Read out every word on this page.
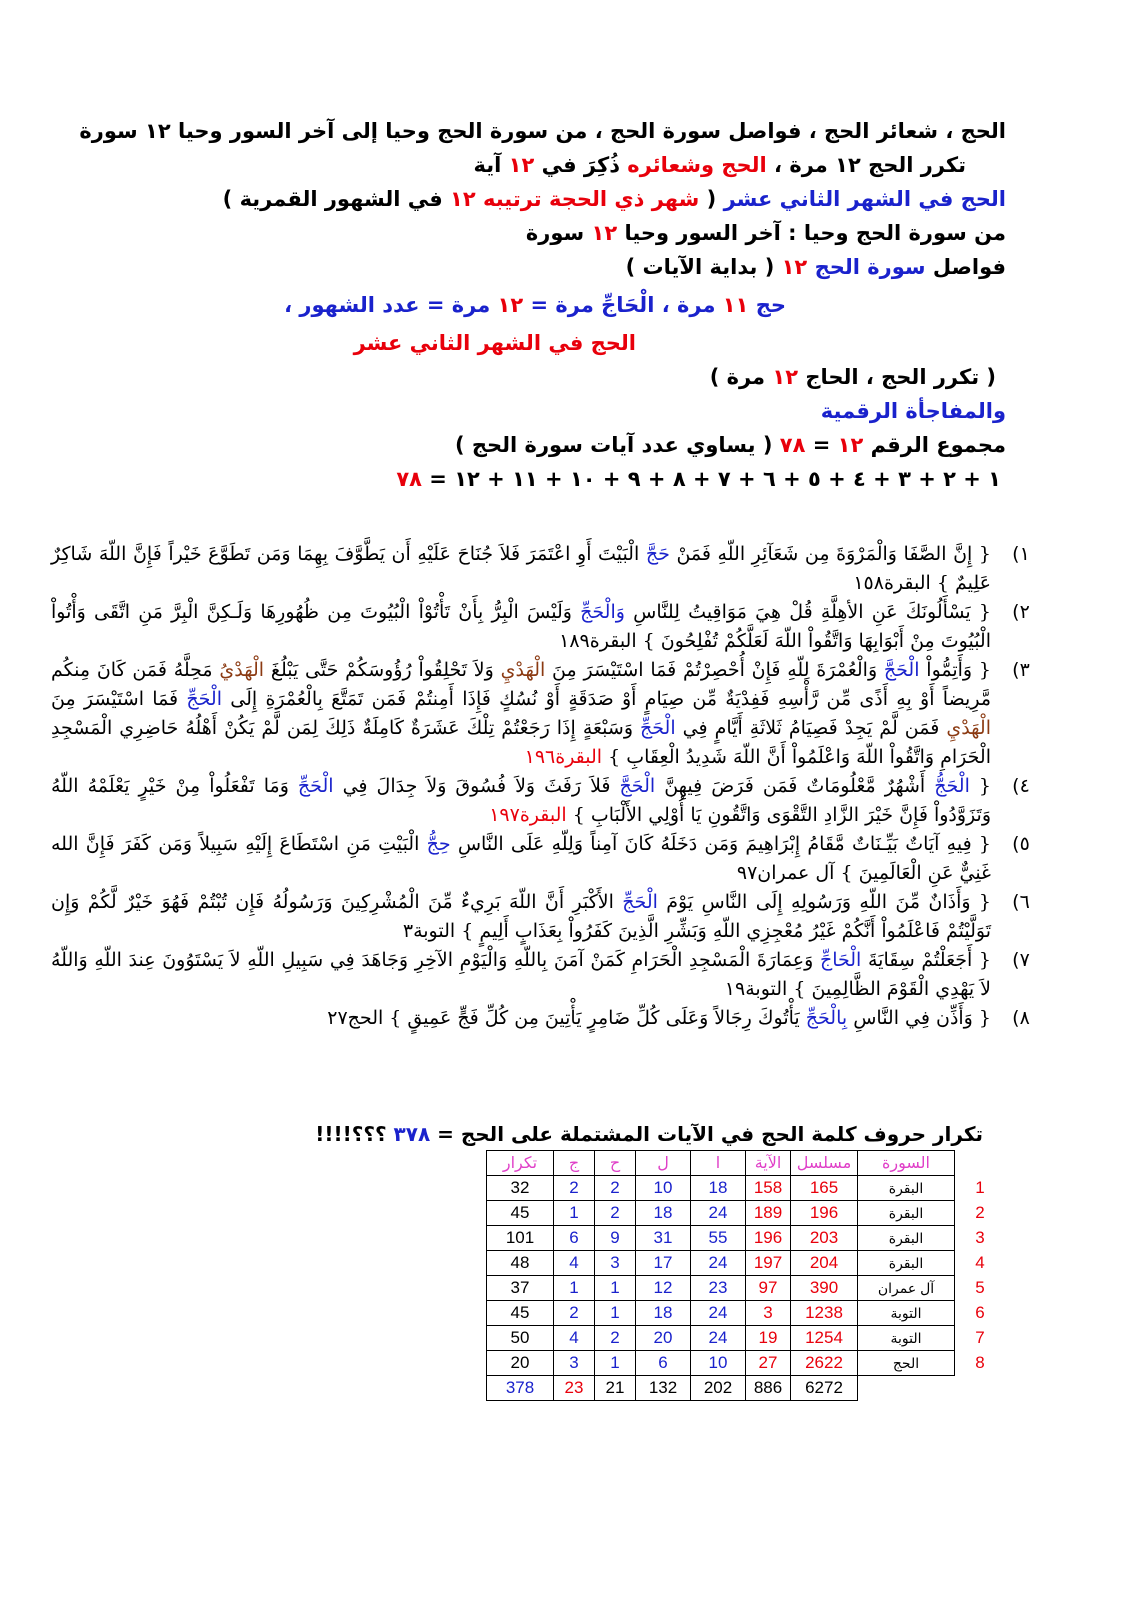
الحج ، شعائر الحج ، فواصل سورة الحج ، من سورة الحج وحيا إلى آخر السور وحيا ١٢ سورة
تكرر الحج ١٢ مرة ، الحج وشعائره ذُكِرَ في ١٢ آية
الحج في الشهر الثاني عشر ( شهر ذي الحجة ترتيبه ١٢ في الشهور القمرية )
من سورة الحج وحيا : آخر السور وحيا ١٢ سورة
فواصل سورة الحج ١٢ ( بداية الآيات )
حج ١١ مرة ، الْحَاجِّ مرة = ١٢ مرة = عدد الشهور ،
الحج في الشهر الثاني عشر
( تكرر الحج ، الحاج ١٢ مرة )
والمفاجأة الرقمية
مجموع الرقم ١٢ = ٧٨ ( يساوي عدد آيات سورة الحج )
١ + ٢ + ٣ + ٤ + ٥ + ٦ + ٧ + ٨ + ٩ + ١٠ + ١١ + ١٢ = ٧٨
١)
{ إِنَّ الصَّفَا وَالْمَرْوَةَ مِن شَعَآئِرِ اللّهِ فَمَنْ حَجَّ الْبَيْتَ أَوِ اعْتَمَرَ فَلاَ جُنَاحَ عَلَيْهِ أَن يَطَّوَّفَ بِهِمَا وَمَن تَطَوَّعَ خَيْراً فَإِنَّ اللّهَ شَاكِرٌ عَلِيمٌ } البقرة١٥٨
٢)
{ يَسْأَلُونَكَ عَنِ الأهِلَّةِ قُلْ هِيَ مَوَاقِيتُ لِلنَّاسِ وَالْحَجِّ وَلَيْسَ الْبِرُّ بِأَنْ تَأْتُوْاْ الْبُيُوتَ مِن ظُهُورِهَا وَلَـكِنَّ الْبِرَّ مَنِ اتَّقَى وَأْتُواْ الْبُيُوتَ مِنْ أَبْوَابِهَا وَاتَّقُواْ اللّهَ لَعَلَّكُمْ تُفْلِحُونَ } البقرة١٨٩
٣)
{ وَأَتِمُّواْ الْحَجَّ وَالْعُمْرَةَ لِلّهِ فَإِنْ أُحْصِرْتُمْ فَمَا اسْتَيْسَرَ مِنَ الْهَدْيِ وَلاَ تَحْلِقُواْ رُؤُوسَكُمْ حَتَّى يَبْلُغَ الْهَدْيُ مَحِلَّهُ فَمَن كَانَ مِنكُم مَّرِيضاً أَوْ بِهِ أَذًى مِّن رَّأْسِهِ فَفِدْيَةٌ مِّن صِيَامٍ أَوْ صَدَقَةٍ أَوْ نُسُكٍ فَإِذَا أَمِنتُمْ فَمَن تَمَتَّعَ بِالْعُمْرَةِ إِلَى الْحَجِّ فَمَا اسْتَيْسَرَ مِنَ الْهَدْيِ فَمَن لَّمْ يَجِدْ فَصِيَامُ ثَلاثَةِ أَيَّامٍ فِي الْحَجِّ وَسَبْعَةٍ إِذَا رَجَعْتُمْ تِلْكَ عَشَرَةٌ كَامِلَةٌ ذَلِكَ لِمَن لَّمْ يَكُنْ أَهْلُهُ حَاضِرِي الْمَسْجِدِ الْحَرَامِ وَاتَّقُواْ اللّهَ وَاعْلَمُواْ أَنَّ اللّهَ شَدِيدُ الْعِقَابِ } البقرة١٩٦
٤)
{ الْحَجُّ أَشْهُرٌ مَّعْلُومَاتٌ فَمَن فَرَضَ فِيهِنَّ الْحَجَّ فَلاَ رَفَثَ وَلاَ فُسُوقَ وَلاَ جِدَالَ فِي الْحَجِّ وَمَا تَفْعَلُواْ مِنْ خَيْرٍ يَعْلَمْهُ اللّهُ وَتَزَوَّدُواْ فَإِنَّ خَيْرَ الزَّادِ التَّقْوَى وَاتَّقُونِ يَا أُوْلِي الأَلْبَابِ } البقرة١٩٧
٥)
{ فِيهِ آيَاتٌ بَيِّـنَاتٌ مَّقَامُ إِبْرَاهِيمَ وَمَن دَخَلَهُ كَانَ آمِناً وَلِلّهِ عَلَى النَّاسِ حِجُّ الْبَيْتِ مَنِ اسْتَطَاعَ إِلَيْهِ سَبِيلاً وَمَن كَفَرَ فَإِنَّ الله غَنِيٌّ عَنِ الْعَالَمِينَ } آل عمران٩٧
٦)
{ وَأَذَانٌ مِّنَ اللّهِ وَرَسُولِهِ إِلَى النَّاسِ يَوْمَ الْحَجِّ الأَكْبَرِ أَنَّ اللّهَ بَرِيءٌ مِّنَ الْمُشْرِكِينَ وَرَسُولُهُ فَإِن تُبْتُمْ فَهُوَ خَيْرٌ لَّكُمْ وَإِن تَوَلَّيْتُمْ فَاعْلَمُواْ أَنَّكُمْ غَيْرُ مُعْجِزِي اللّهِ وَبَشِّرِ الَّذِينَ كَفَرُواْ بِعَذَابٍ أَلِيمٍ } التوبة٣
٧)
{ أَجَعَلْتُمْ سِقَايَةَ الْحَاجِّ وَعِمَارَةَ الْمَسْجِدِ الْحَرَامِ كَمَنْ آمَنَ بِاللّهِ وَالْيَوْمِ الآخِرِ وَجَاهَدَ فِي سَبِيلِ اللّهِ لاَ يَسْتَوُونَ عِندَ اللّهِ وَاللّهُ لاَ يَهْدِي الْقَوْمَ الظَّالِمِينَ } التوبة١٩
٨)
{ وَأَذِّن فِي النَّاسِ بِالْحَجِّ يَأْتُوكَ رِجَالاً وَعَلَى كُلِّ ضَامِرٍ يَأْتِينَ مِن كُلِّ فَجٍّ عَمِيقٍ } الحج٢٧
تكرار حروف كلمة الحج في الآيات المشتملة على الحج = ٣٧٨ ؟؟؟!!!!
تكرار	ج	ح	ل	ا	الآية	مسلسل	السورة	
32	2	2	10	18	158	165	البقرة	1
45	1	2	18	24	189	196	البقرة	2
101	6	9	31	55	196	203	البقرة	3
48	4	3	17	24	197	204	البقرة	4
37	1	1	12	23	97	390	آل عمران	5
45	2	1	18	24	3	1238	التوبة	6
50	4	2	20	24	19	1254	التوبة	7
20	3	1	6	10	27	2622	الحج	8
378	23	21	132	202	886	6272		
